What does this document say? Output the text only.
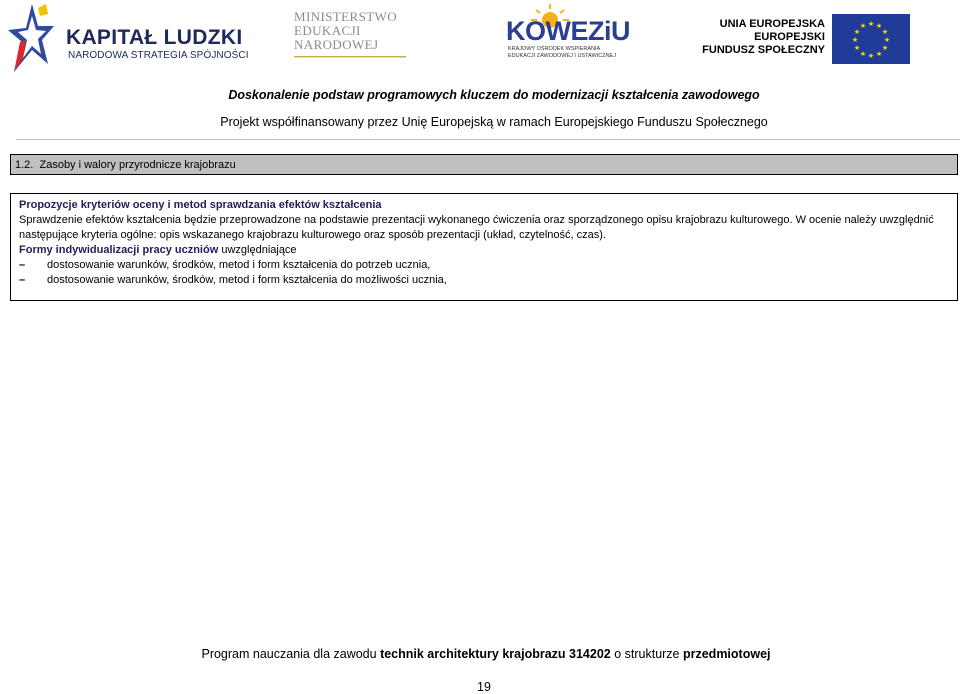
KAPITAŁ LUDZKI
NARODOWA STRATEGIA SPÓJNOŚCI
MINISTERSTWO
EDUKACJI
NARODOWEJ	KOWEZiU
KRAJOWY OŚRODEK WSPIERANIA
EDUKACJI ZAWODOWEJ I USTAWICZNEJ
UNIA EUROPEJSKA
EUROPEJSKI
FUNDUSZ SPOŁECZNY
★ ★
★
★
★
★
★
★
★
★
★
★
Doskonalenie podstaw programowych kluczem do modernizacji kształcenia zawodowego
Projekt współfinansowany przez Unię Europejską w ramach Europejskiego Funduszu Społecznego
1.2. Zasoby i walory przyrodnicze krajobrazu

Propozycje kryteriów oceny i metod sprawdzania efektów kształcenia

Sprawdzenie efektów kształcenia będzie przeprowadzone na podstawie prezentacji wykonanego ćwiczenia oraz sporządzonego opisu krajobrazu kulturowego. W ocenie należy uwzględnić następujące kryteria ogólne: opis wskazanego krajobrazu kulturowego oraz sposób prezentacji (układ, czytelność, czas).

Formy indywidualizacji pracy uczniów uwzględniające

– dostosowanie warunków, środków, metod i form kształcenia do potrzeb ucznia,

– dostosowanie warunków, środków, metod i form kształcenia do możliwości ucznia,

Program nauczania dla zawodu technik architektury krajobrazu 314202 o strukturze przedmiotowej
19
